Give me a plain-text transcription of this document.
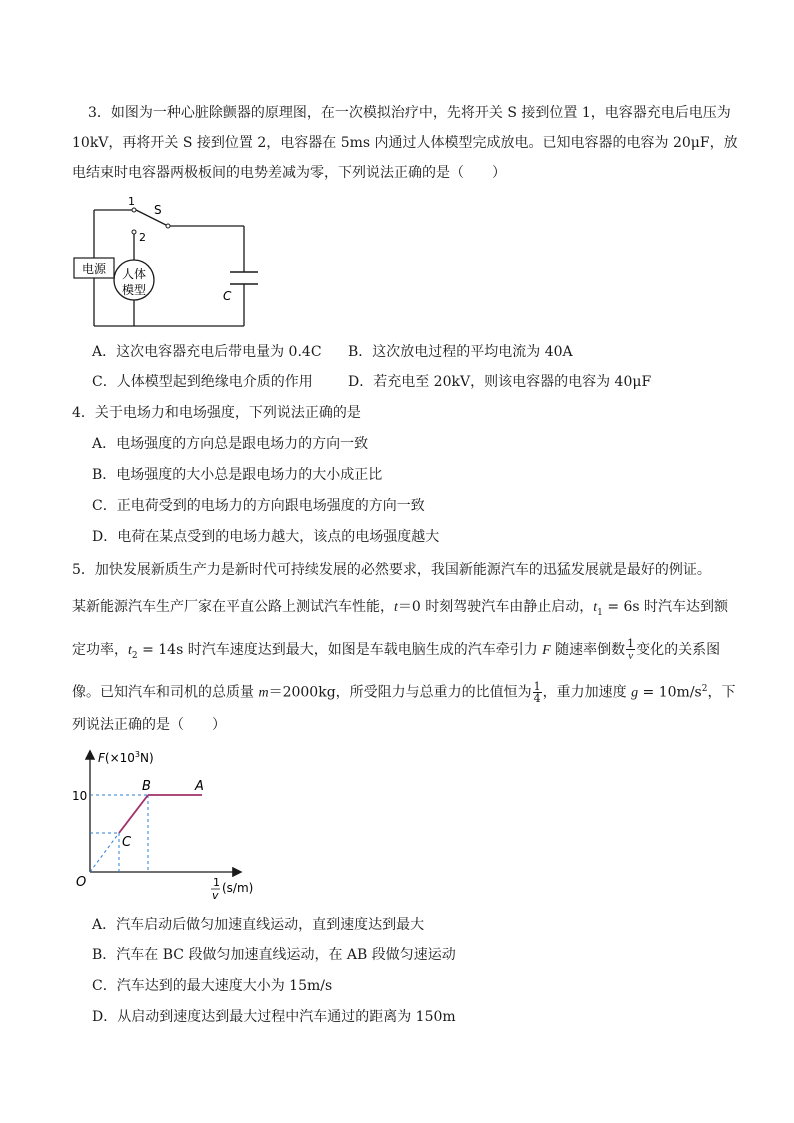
3．如图为一种心脏除颤器的原理图，在一次模拟治疗中，先将开关 S 接到位置 1，电容器充电后电压为
10kV，再将开关 S 接到位置 2，电容器在 5ms 内通过人体模型完成放电。已知电容器的电容为 20μF，放
电结束时电容器两极板间的电势差减为零，下列说法正确的是（　　）
电源 人体
模型
1
S
2
C
A．这次电容器充电后带电量为 0.4C B．这次放电过程的平均电流为 40A
C．人体模型起到绝缘电介质的作用	D．若充电至 20kV，则该电容器的电容为 40μF
4．关于电场力和电场强度，下列说法正确的是
A．电场强度的方向总是跟电场力的方向一致
B．电场强度的大小总是跟电场力的大小成正比
C．正电荷受到的电场力的方向跟电场强度的方向一致
D．电荷在某点受到的电场力越大，该点的电场强度越大
5．加快发展新质生产力是新时代可持续发展的必然要求，我国新能源汽车的迅猛发展就是最好的例证。
某新能源汽车生产厂家在平直公路上测试汽车性能，t＝0 时刻驾驶汽车由静止启动，$t_1 = 6s$ 时汽车达到额
定功率，$t_2 = 14s$ 时汽车速度达到最大，如图是车载电脑生成的汽车牵引力 F 随速率倒数 $\frac{1}{v}$ 变化的关系图
像。已知汽车和司机的总质量 m＝2000kg，所受阻力与总重力的比值恒为 $\frac{1}{4}$ ，重力加速度 $g = 10m/s^2$，下
列说法正确的是（　　）
$F(\times 10^3N)$
10
O
B	A
C
1
v
(s/m)
A．汽车启动后做匀加速直线运动，直到速度达到最大
B．汽车在 BC 段做匀加速直线运动，在 AB 段做匀速运动
C．汽车达到的最大速度大小为 15m/s
D．从启动到速度达到最大过程中汽车通过的距离为 150m
